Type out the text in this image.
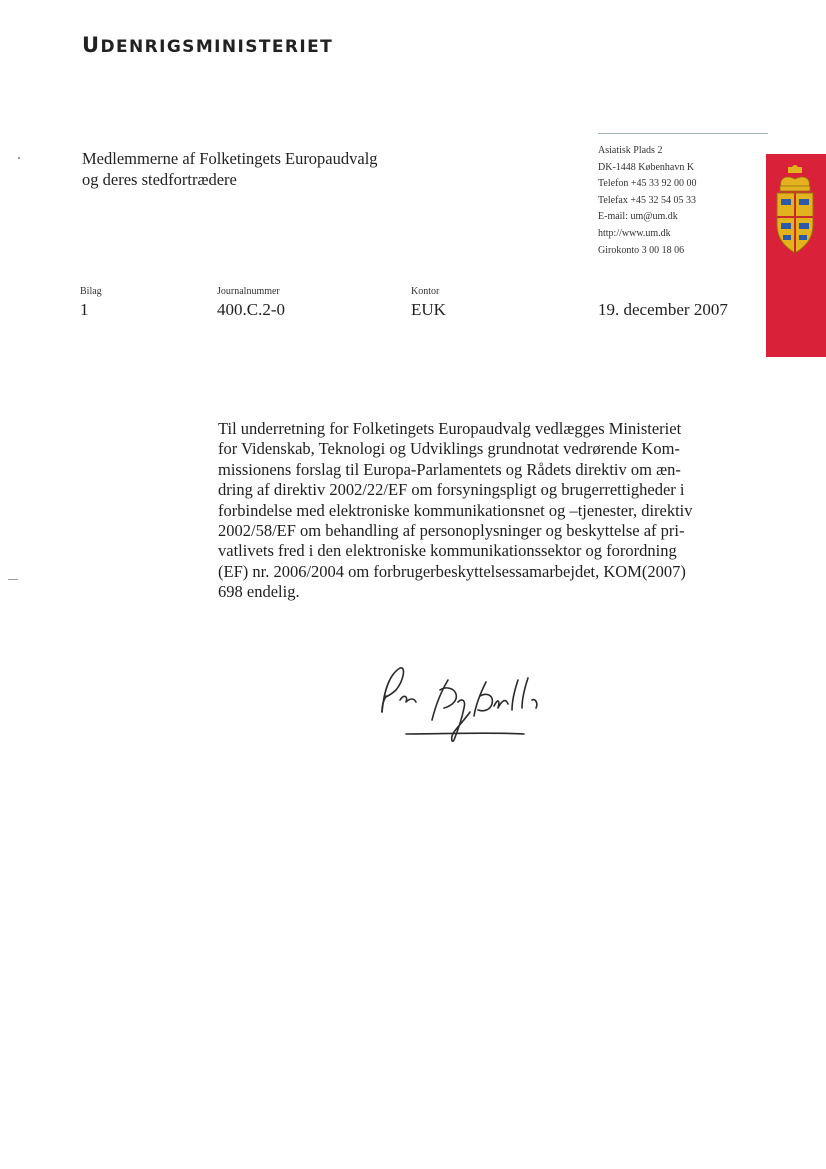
UDENRIGSMINISTERIET
Medlemmerne af Folketingets Europaudvalg
og deres stedfortrædere
Asiatisk Plads 2
DK-1448 København K
Telefon +45 33 92 00 00
Telefax +45 32 54 05 33
E-mail: um@um.dk
http://www.um.dk
Girokonto 3 00 18 06
Bilag
1
Journalnummer
400.C.2-0
Kontor
EUK	19. december 2007
Til underretning for Folketingets Europaudvalg vedlægges Ministeriet
for Videnskab, Teknologi og Udviklings grundnotat vedrørende Kom-
missionens forslag til Europa-Parlamentets og Rådets direktiv om æn-
dring af direktiv 2002/22/EF om forsyningspligt og brugerrettigheder i
forbindelse med elektroniske kommunikationsnet og –tjenester, direktiv
2002/58/EF om behandling af personoplysninger og beskyttelse af pri-
vatlivets fred i den elektroniske kommunikationssektor og forordning
(EF) nr. 2006/2004 om forbrugerbeskyttelsessamarbejdet, KOM(2007)
698 endelig.
